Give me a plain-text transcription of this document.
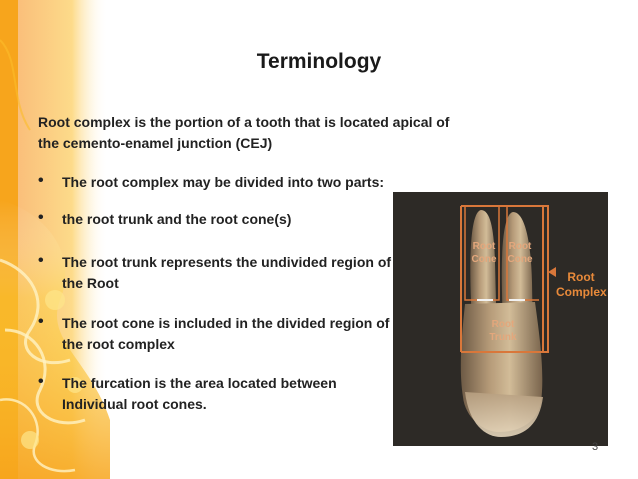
Terminology
Root complex is the portion of a tooth that is located apical of the cemento-enamel junction (CEJ)
• The root complex may be divided into two parts:
• the root trunk and the root cone(s)
• The root trunk represents the undivided region of the Root
• The root cone is included in the divided region of the root complex
• The furcation is the area located between Individual root cones.
Root Cone
Root Cone
Root Trunk
Root Complex
3
